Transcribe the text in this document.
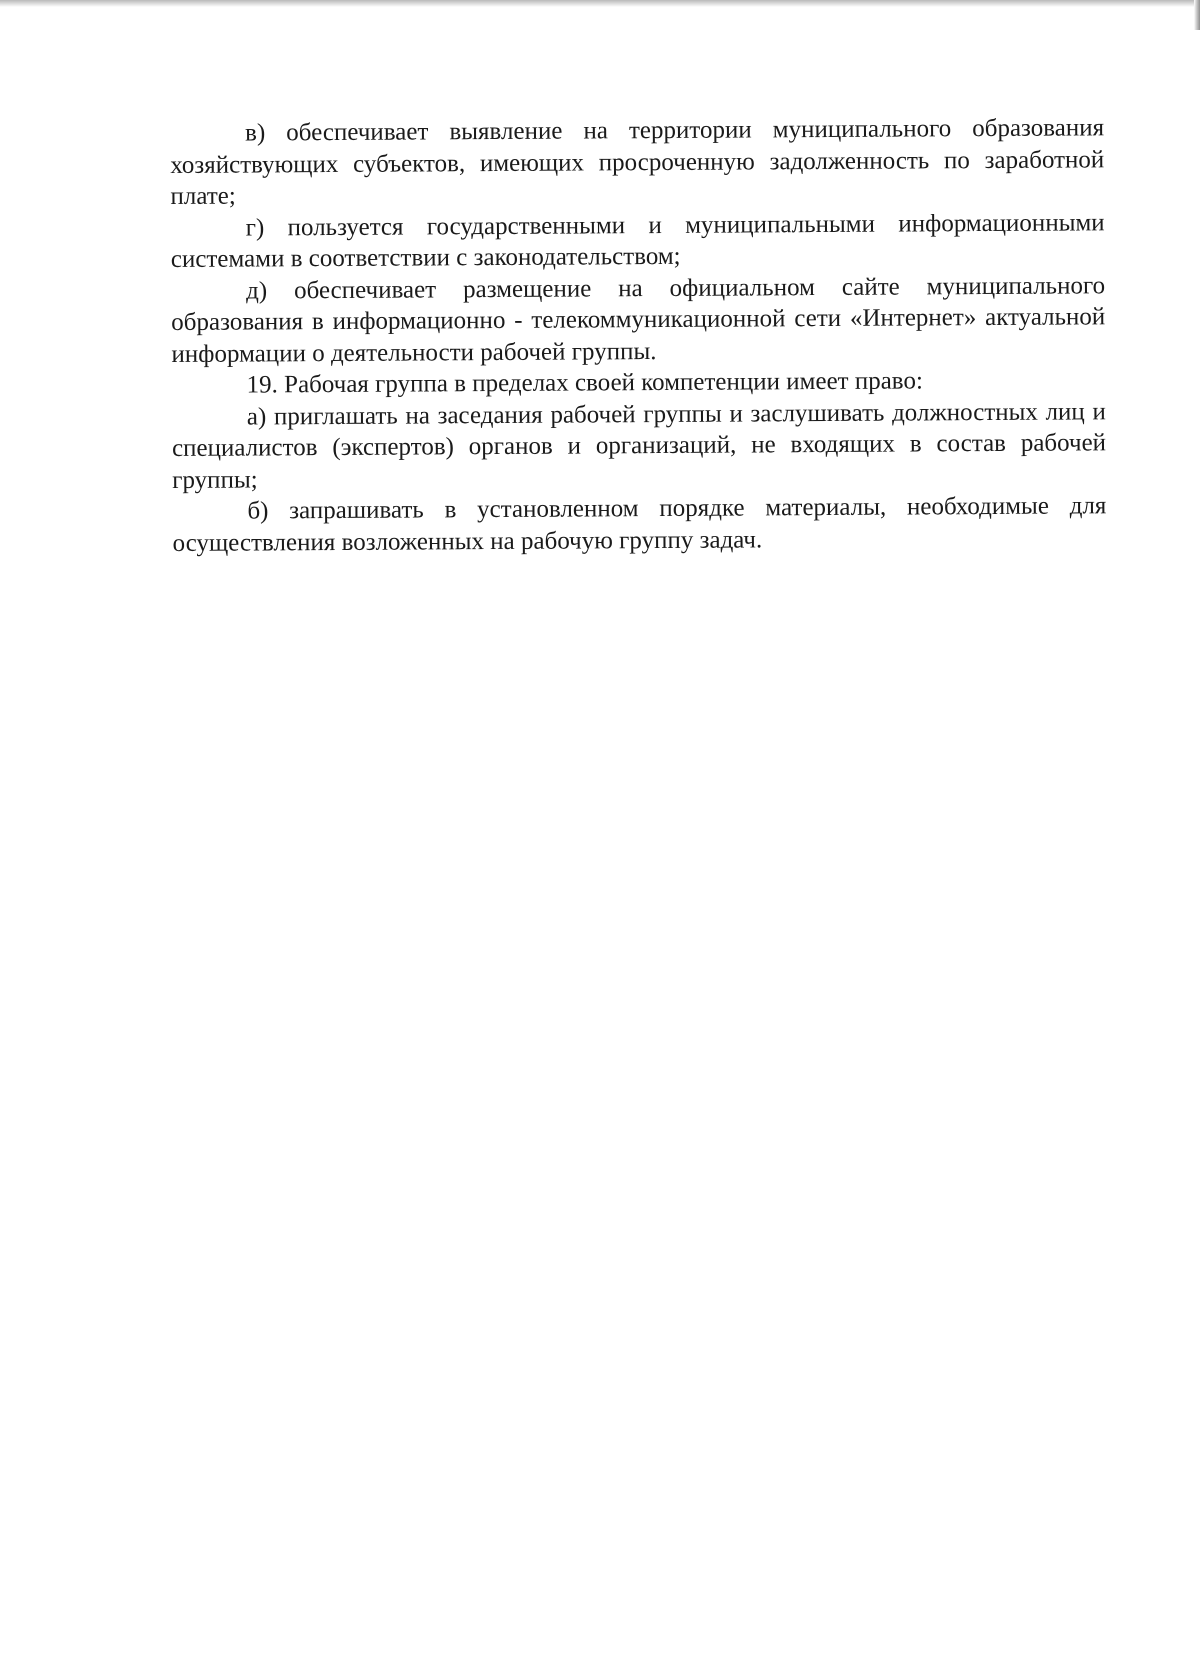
в) обеспечивает выявление на территории муниципального образования хозяйствующих субъектов, имеющих просроченную задолженность по заработной плате;

г) пользуется государственными и муниципальными информационными системами в соответствии с законодательством;

д) обеспечивает размещение на официальном сайте муниципального образования в информационно - телекоммуникационной сети «Интернет» актуальной информации о деятельности рабочей группы.

19. Рабочая группа в пределах своей компетенции имеет право:

а) приглашать на заседания рабочей группы и заслушивать должностных лиц и специалистов (экспертов) органов и организаций, не входящих в состав рабочей группы;

б) запрашивать в установленном порядке материалы, необходимые для осуществления возложенных на рабочую группу задач.
